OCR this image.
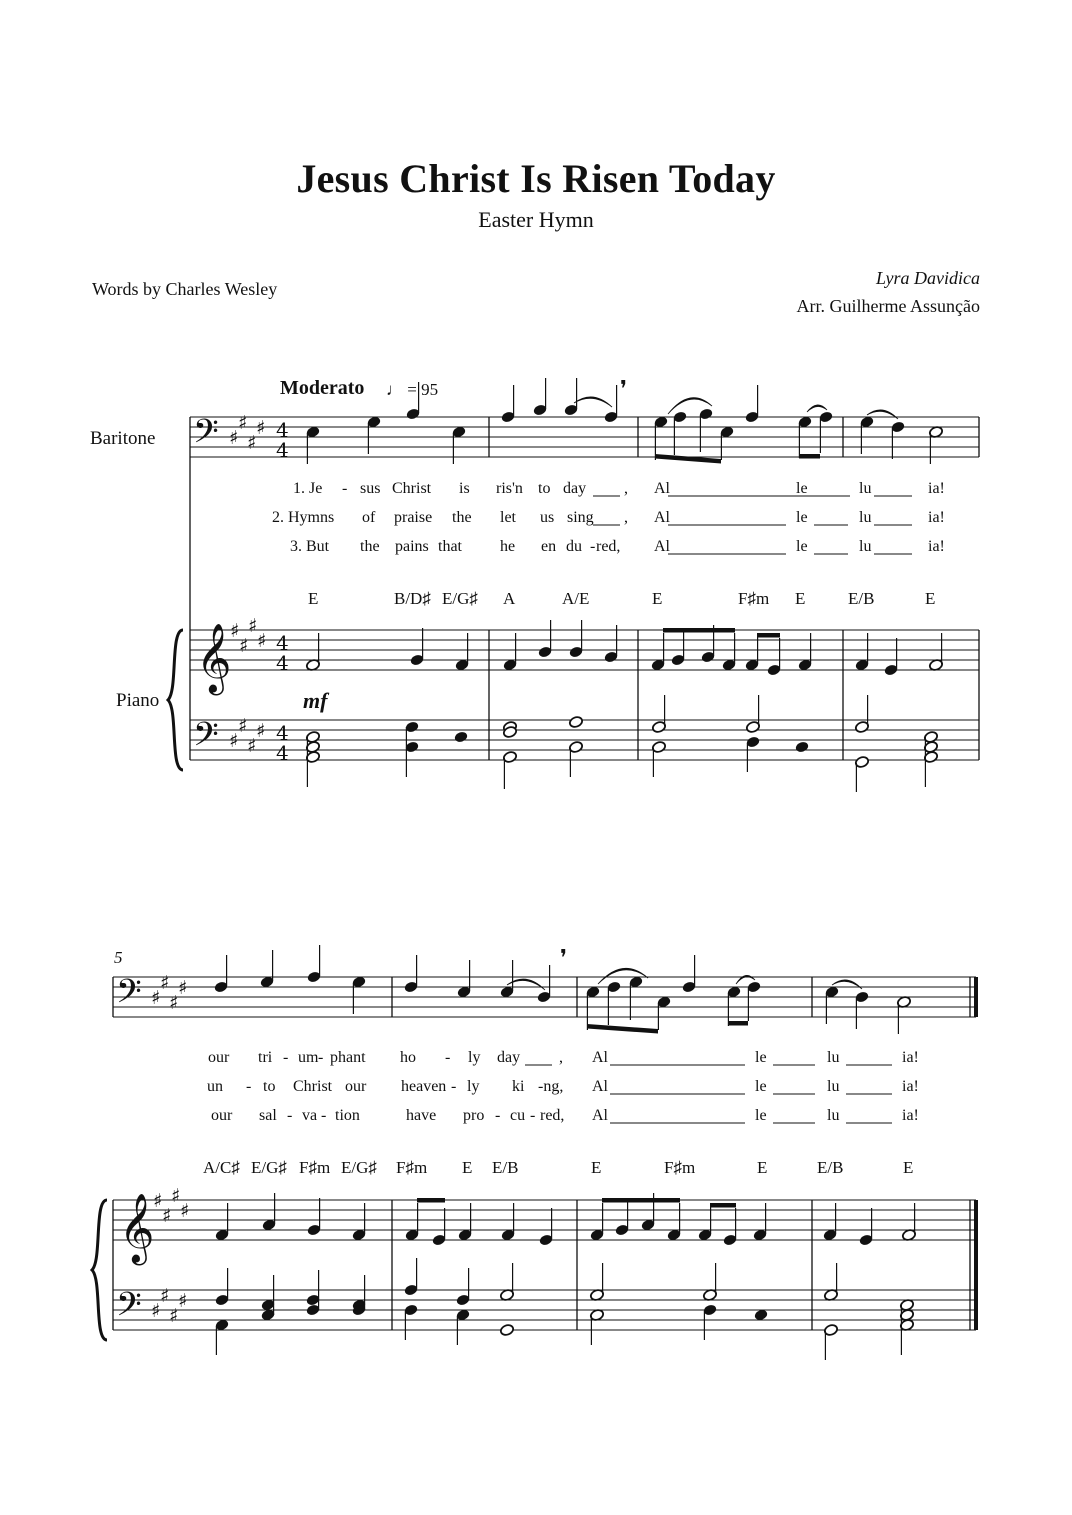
Jesus Christ Is Risen Today
Easter Hymn
Words by Charles Wesley
Lyra Davidica
Arr. Guilherme Assunção
Moderato ♩ = 95
Baritone
Piano	mf
5
E	B/D♯ E/G♯ A	A/E	E	F♯m E	E/B	E
A/C♯ E/G♯ F♯m E/G♯ F♯m E E/B	E	F♯m	E	E/B	E
1. Je - sus Christ is ris'n to day , Al	le	lu	ia!
2. Hymns of praise the let us sing , Al	le	lu	ia!
3. But the pains that he en du - red, Al	le	lu	ia!
our tri - um - phant ho - ly day , Al	le	lu	ia!
un - to Christ our heaven - ly ki -ng, Al	le	lu	ia!
our sal - va - tion	have pro - cu - red, Al	le	lu	ia!
𝄢 ♯
♯
♯
♯ 4
4
𝄞
♯
♯
♯
♯ 4
4
𝄢 ♯
♯
♯
♯ 4
4
❜
𝄢 ♯
♯
♯
♯
𝄞
♯
♯
♯
♯
𝄢 ♯
♯
♯
♯
❜
